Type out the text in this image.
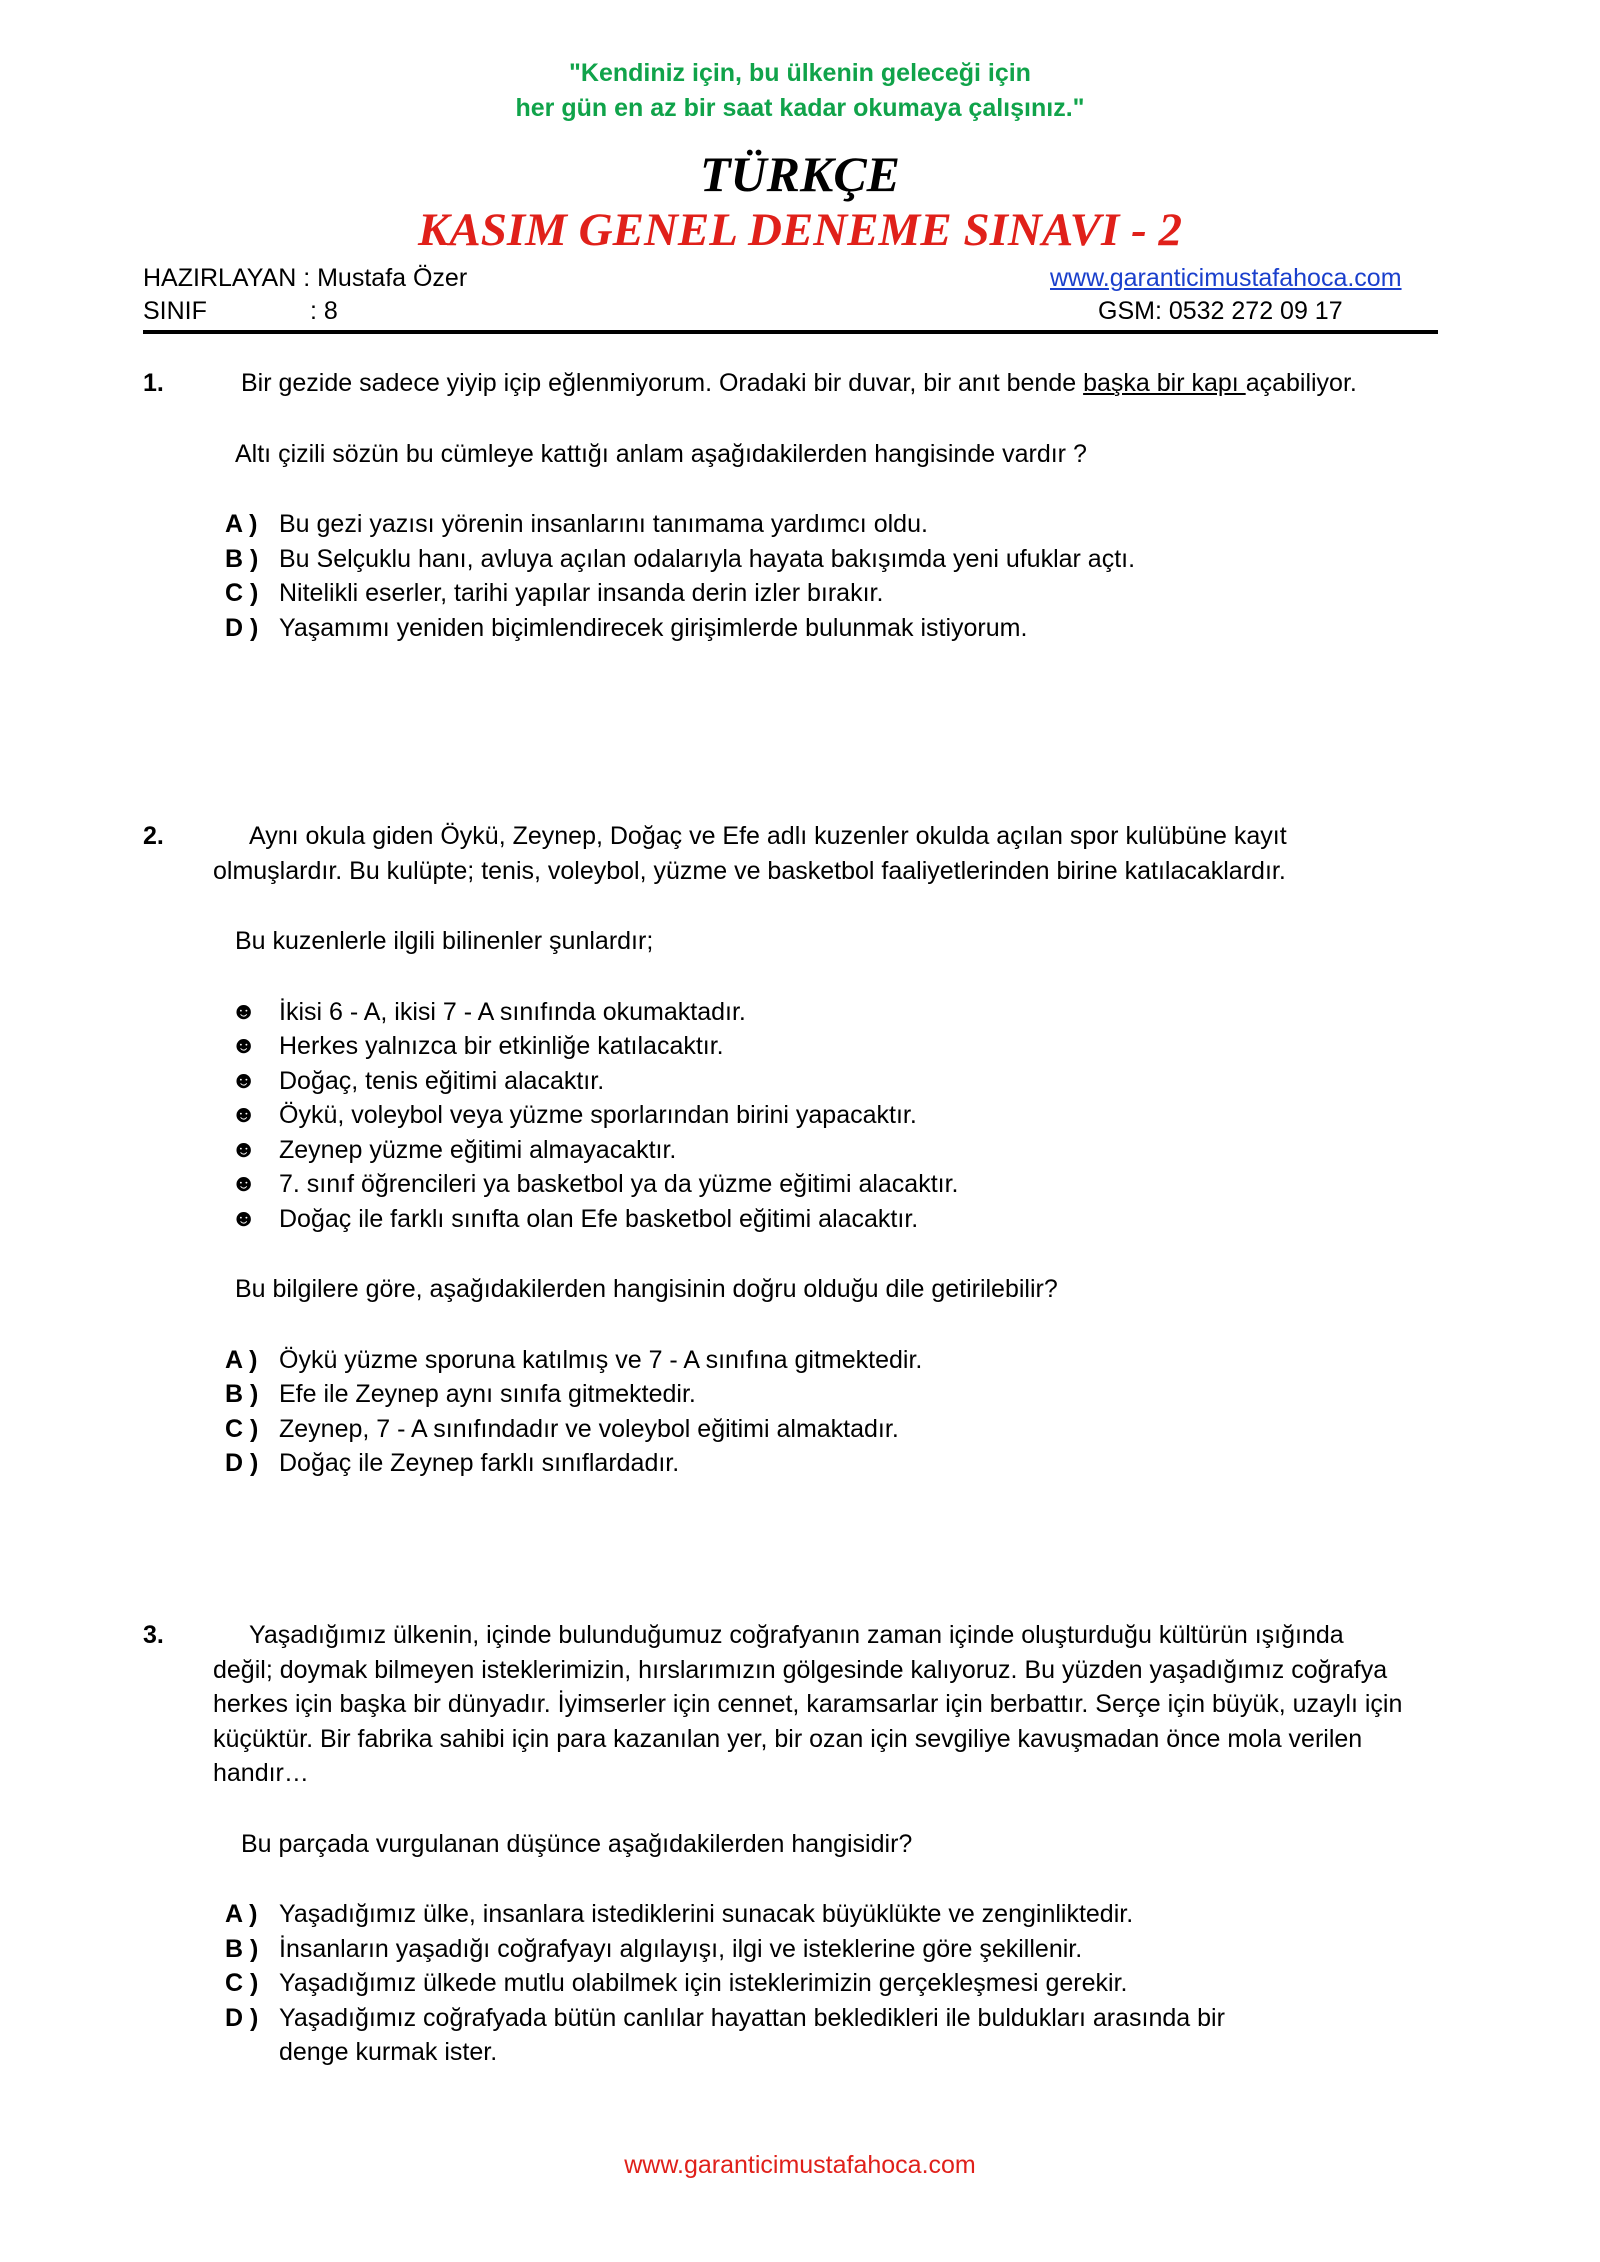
"Kendiniz için, bu ülkenin geleceği için
her gün en az bir saat kadar okumaya çalışınız."
TÜRKÇE
KASIM GENEL DENEME SINAVI - 2
HAZIRLAYAN : Mustafa Özer	www.garanticimustafahoca.com
SINIF	: 8	GSM: 0532 272 09 17
1.	Bir gezide sadece yiyip içip eğlenmiyorum. Oradaki bir duvar, bir anıt bende başka bir kapı açabiliyor.
Altı çizili sözün bu cümleye kattığı anlam aşağıdakilerden hangisinde vardır ?
A ) Bu gezi yazısı yörenin insanlarını tanımama yardımcı oldu.
B ) Bu Selçuklu hanı, avluya açılan odalarıyla hayata bakışımda yeni ufuklar açtı.
C ) Nitelikli eserler, tarihi yapılar insanda derin izler bırakır.
D ) Yaşamımı yeniden biçimlendirecek girişimlerde bulunmak istiyorum.
2.	Aynı okula giden Öykü, Zeynep, Doğaç ve Efe adlı kuzenler okulda açılan spor kulübüne kayıt olmuşlardır. Bu kulüpte; tenis, voleybol, yüzme ve basketbol faaliyetlerinden birine katılacaklardır.
Bu kuzenlerle ilgili bilinenler şunlardır;
☻ İkisi 6 - A, ikisi 7 - A sınıfında okumaktadır.
☻ Herkes yalnızca bir etkinliğe katılacaktır.
☻ Doğaç, tenis eğitimi alacaktır.
☻ Öykü, voleybol veya yüzme sporlarından birini yapacaktır.
☻ Zeynep yüzme eğitimi almayacaktır.
☻ 7. sınıf öğrencileri ya basketbol ya da yüzme eğitimi alacaktır.
☻ Doğaç ile farklı sınıfta olan Efe basketbol eğitimi alacaktır.
Bu bilgilere göre, aşağıdakilerden hangisinin doğru olduğu dile getirilebilir?
A ) Öykü yüzme sporuna katılmış ve 7 - A sınıfına gitmektedir.
B ) Efe ile Zeynep aynı sınıfa gitmektedir.
C ) Zeynep, 7 - A sınıfındadır ve voleybol eğitimi almaktadır.
D ) Doğaç ile Zeynep farklı sınıflardadır.
3.	Yaşadığımız ülkenin, içinde bulunduğumuz coğrafyanın zaman içinde oluşturduğu kültürün ışığında değil; doymak bilmeyen isteklerimizin, hırslarımızın gölgesinde kalıyoruz. Bu yüzden yaşadığımız coğrafya herkes için başka bir dünyadır. İyimserler için cennet, karamsarlar için berbattır. Serçe için büyük, uzaylı için küçüktür. Bir fabrika sahibi için para kazanılan yer, bir ozan için sevgiliye kavuşmadan önce mola verilen handır…
Bu parçada vurgulanan düşünce aşağıdakilerden hangisidir?
A ) Yaşadığımız ülke, insanlara istediklerini sunacak büyüklükte ve zenginliktedir.
B ) İnsanların yaşadığı coğrafyayı algılayışı, ilgi ve isteklerine göre şekillenir.
C ) Yaşadığımız ülkede mutlu olabilmek için isteklerimizin gerçekleşmesi gerekir.
D ) Yaşadığımız coğrafyada bütün canlılar hayattan bekledikleri ile buldukları arasında bir denge kurmak ister.
www.garanticimustafahoca.com
